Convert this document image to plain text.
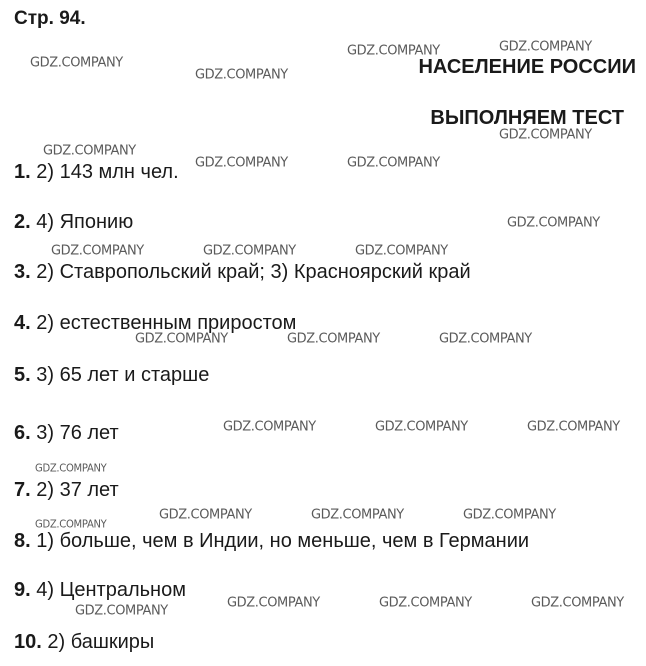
Стр. 94.
НАСЕЛЕНИЕ РОССИИ
ВЫПОЛНЯЕМ ТЕСТ
1. 2) 143 млн чел.
2. 4) Японию
3. 2) Ставропольский край; 3) Красноярский край
4. 2) естественным приростом
5. 3) 65 лет и старше
6. 3) 76 лет
7. 2) 37 лет
8. 1) больше, чем в Индии, но меньше, чем в Германии
9. 4) Центральном
10. 2) башкиры
GDZ.COMPANY	GDZ.COMPANY
GDZ.COMPANY
GDZ.COMPANY
GDZ.COMPANY
GDZ.COMPANY
GDZ.COMPANY	GDZ.COMPANY
GDZ.COMPANY
GDZ.COMPANY	GDZ.COMPANY	GDZ.COMPANY
GDZ.COMPANY	GDZ.COMPANY	GDZ.COMPANY
GDZ.COMPANY	GDZ.COMPANY	GDZ.COMPANY
GDZ.COMPANY
GDZ.COMPANY	GDZ.COMPANY	GDZ.COMPANY
GDZ.COMPANY
GDZ.COMPANY
GDZ.COMPANY	GDZ.COMPANY	GDZ.COMPANY
